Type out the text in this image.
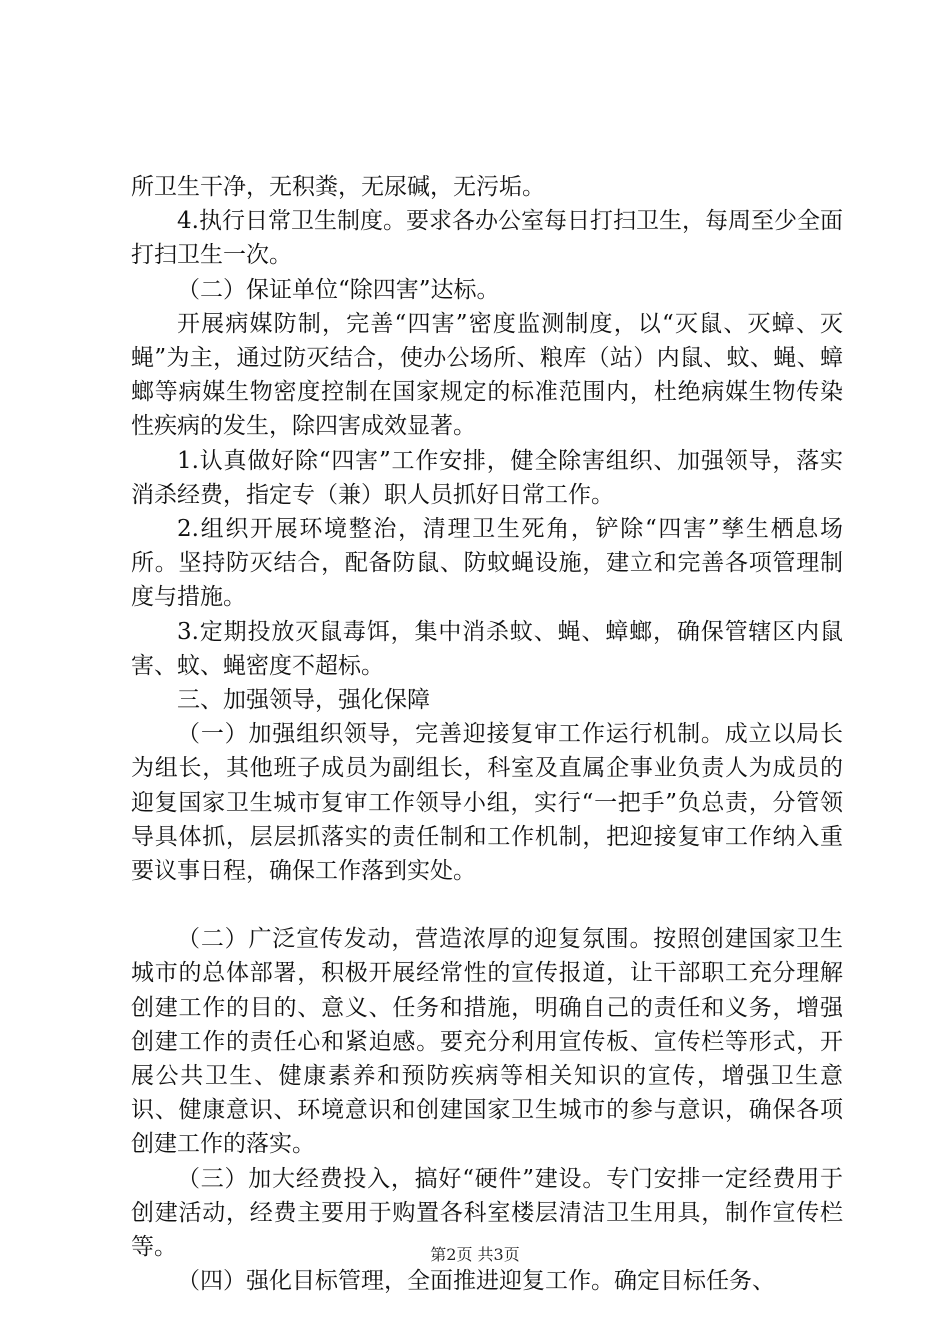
所卫生干净，无积粪，无尿碱，无污垢。

4.执行日常卫生制度。要求各办公室每日打扫卫生，每周至少全面打扫卫生一次。

（二）保证单位“除四害”达标。

开展病媒防制，完善“四害”密度监测制度，以“灭鼠、灭蟑、灭蝇”为主，通过防灭结合，使办公场所、粮库（站）内鼠、蚊、蝇、蟑螂等病媒生物密度控制在国家规定的标准范围内，杜绝病媒生物传染性疾病的发生，除四害成效显著。

1.认真做好除“四害”工作安排，健全除害组织、加强领导，落实消杀经费，指定专（兼）职人员抓好日常工作。

2.组织开展环境整治，清理卫生死角，铲除“四害”孳生栖息场所。坚持防灭结合，配备防鼠、防蚊蝇设施，建立和完善各项管理制度与措施。

3.定期投放灭鼠毒饵，集中消杀蚊、蝇、蟑螂，确保管辖区内鼠害、蚊、蝇密度不超标。

三、加强领导，强化保障

（一）加强组织领导，完善迎接复审工作运行机制。成立以局长为组长，其他班子成员为副组长，科室及直属企事业负责人为成员的迎复国家卫生城市复审工作领导小组，实行“一把手”负总责，分管领导具体抓，层层抓落实的责任制和工作机制，把迎接复审工作纳入重要议事日程，确保工作落到实处。

（二）广泛宣传发动，营造浓厚的迎复氛围。按照创建国家卫生城市的总体部署，积极开展经常性的宣传报道，让干部职工充分理解创建工作的目的、意义、任务和措施，明确自己的责任和义务，增强创建工作的责任心和紧迫感。要充分利用宣传板、宣传栏等形式，开展公共卫生、健康素养和预防疾病等相关知识的宣传，增强卫生意识、健康意识、环境意识和创建国家卫生城市的参与意识，确保各项创建工作的落实。

（三）加大经费投入，搞好“硬件”建设。专门安排一定经费用于创建活动，经费主要用于购置各科室楼层清洁卫生用具，制作宣传栏等。

（四）强化目标管理，全面推进迎复工作。确定目标任务、

第2页 共3页
